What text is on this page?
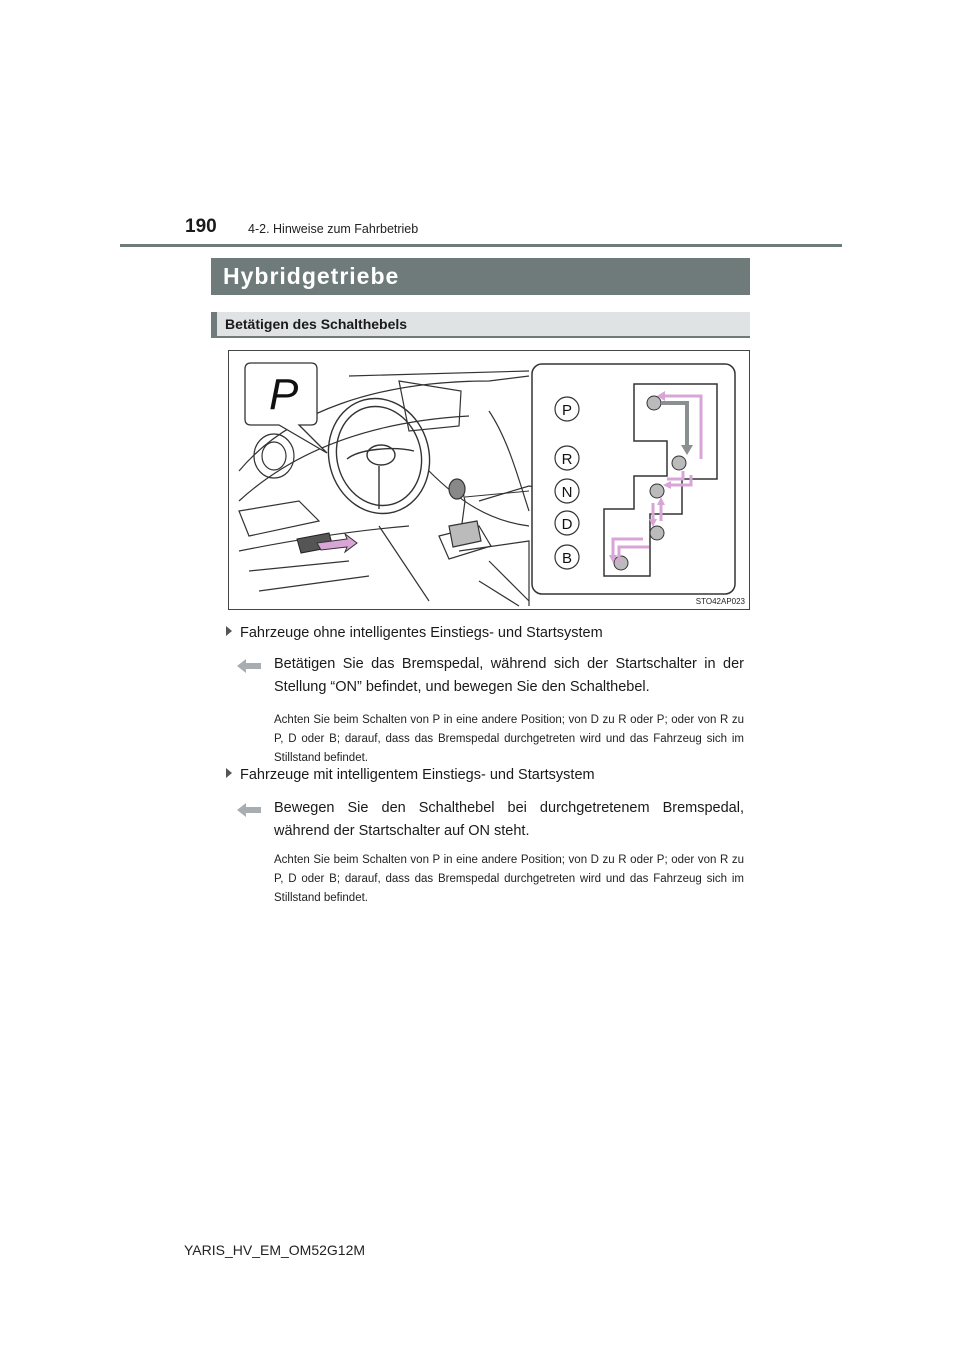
190	4-2. Hinweise zum Fahrbetrieb
Hybridgetriebe
Betätigen des Schalthebels
P	P
R
N
D
B
STO42AP023
Fahrzeuge ohne intelligentes Einstiegs- und Startsystem
Betätigen Sie das Bremspedal, während sich der Startschalter in der Stellung “ON” befindet, und bewegen Sie den Schalthebel.
Achten Sie beim Schalten von P in eine andere Position; von D zu R oder P; oder von R zu P, D oder B; darauf, dass das Bremspedal durchgetreten wird und das Fahrzeug sich im Stillstand befindet.
Fahrzeuge mit intelligentem Einstiegs- und Startsystem
Bewegen Sie den Schalthebel bei durchgetretenem Bremspedal, während der Startschalter auf ON steht.
Achten Sie beim Schalten von P in eine andere Position; von D zu R oder P; oder von R zu P, D oder B; darauf, dass das Bremspedal durchgetreten wird und das Fahrzeug sich im Stillstand befindet.
YARIS_HV_EM_OM52G12M
